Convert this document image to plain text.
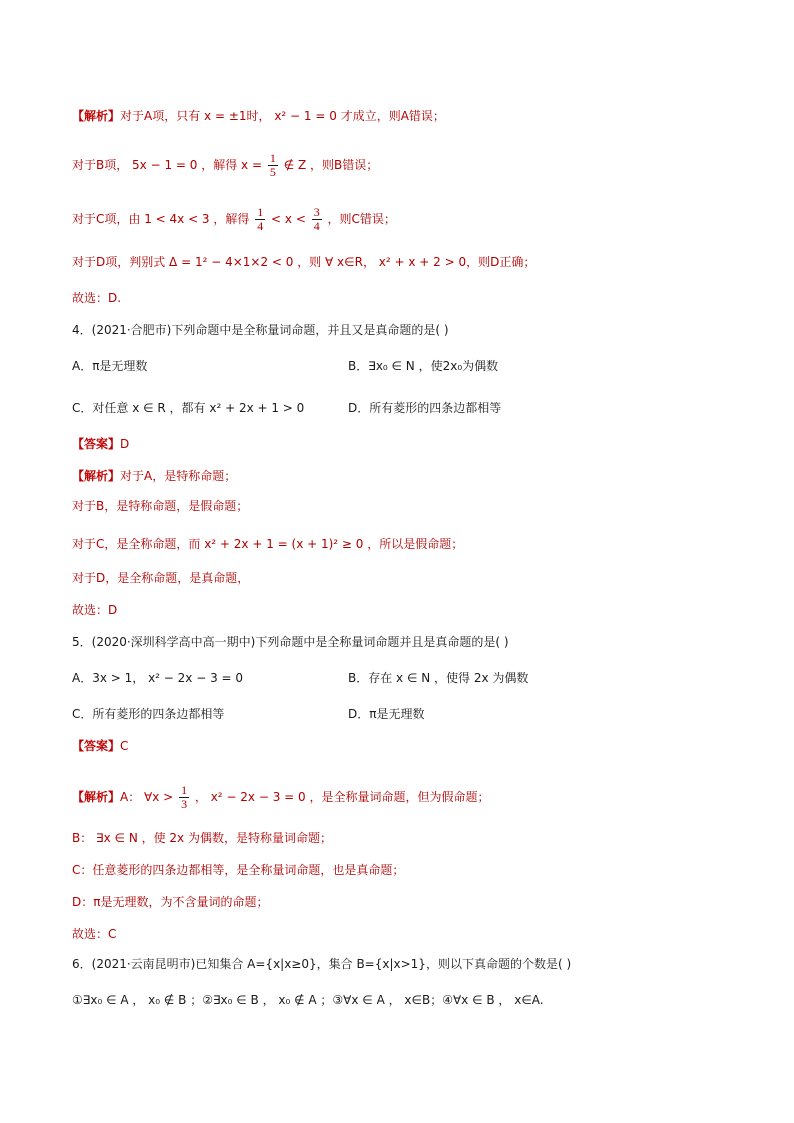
【解析】对于A项，只有 x = ±1时， x² − 1 = 0 才成立，则A错误；
对于B项， 5x − 1 = 0 ，解得 $x = \frac{1}{5}$ ∉ Z ，则B错误；
对于C项，由 1 < 4x < 3 ，解得 $\frac{1}{4} < x < \frac{3}{4}$ ，则C错误；
对于D项，判别式 Δ = 1² − 4×1×2 < 0 ，则 ∀ x∈R， x² + x + 2 > 0，则D正确；
故选：D.
4．(2021·合肥市)下列命题中是全称量词命题，并且又是真命题的是( )
A．π是无理数	B．∃x₀ ∈ N ，使2x₀为偶数
C．对任意 x ∈ R ，都有 x² + 2x + 1 > 0	D．所有菱形的四条边都相等
【答案】D
【解析】对于A，是特称命题；
对于B，是特称命题，是假命题；
对于C，是全称命题，而 x² + 2x + 1 = (x + 1)² ≥ 0 ，所以是假命题；
对于D，是全称命题，是真命题，
故选：D
5．(2020·深圳科学高中高一期中)下列命题中是全称量词命题并且是真命题的是( )
A．3x > 1， x² − 2x − 3 = 0	B．存在 x ∈ N ，使得 2x 为偶数
C．所有菱形的四条边都相等	D．π是无理数
【答案】C
【解析】A： ∀x > $\frac{1}{3}$ ， x² − 2x − 3 = 0 ，是全称量词命题，但为假命题；
B： ∃x ∈ N ，使 2x 为偶数，是特称量词命题；
C：任意菱形的四条边都相等，是全称量词命题，也是真命题；
D：π是无理数，为不含量词的命题；
故选：C
6．(2021·云南昆明市)已知集合 A={x|x≥0}，集合 B={x|x>1}，则以下真命题的个数是( )
①∃x₀ ∈ A ， x₀ ∉ B ；②∃x₀ ∈ B ， x₀ ∉ A ；③∀x ∈ A ， x∈B；④∀x ∈ B ， x∈A.
